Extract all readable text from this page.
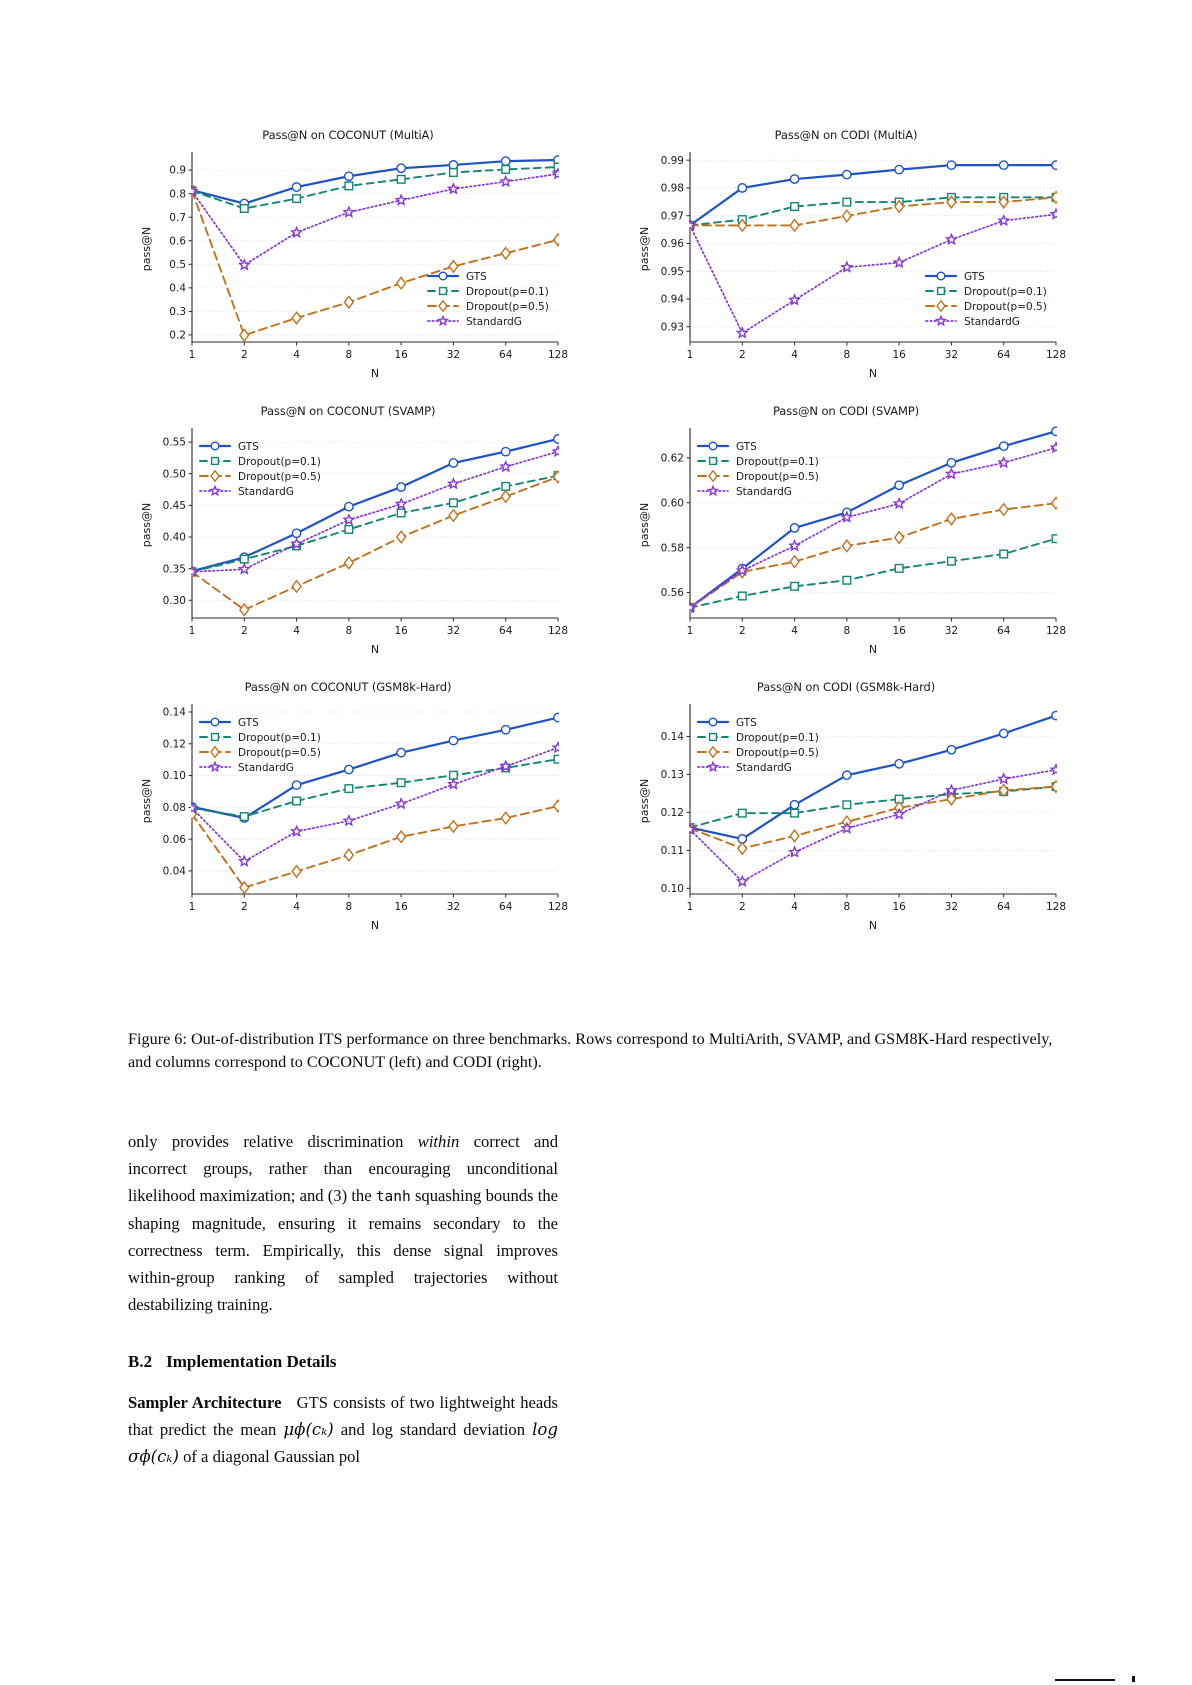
Pass@N on COCONUT (MultiA)
0.2
0.3
0.4
0.5
0.6
0.7
0.8
0.9
1	2	4	8	16	32	64	128
N
pass@N
GTS
Dropout(p=0.1)
Dropout(p=0.5)
StandardG
Pass@N on CODI (MultiA)
0.93
0.94
0.95
0.96
0.97
0.98
0.99
1	2	4	8	16	32	64	128
N
pass@N
GTS
Dropout(p=0.1)
Dropout(p=0.5)
StandardG
Pass@N on COCONUT (SVAMP)
0.30
0.35
0.40
0.45
0.50
0.55
1	2	4	8	16	32	64	128
N
pass@N
GTS
Dropout(p=0.1)
Dropout(p=0.5)
StandardG
Pass@N on CODI (SVAMP)
0.56
0.58
0.60
0.62
1	2	4	8	16	32	64	128
N
pass@N
GTS
Dropout(p=0.1)
Dropout(p=0.5)
StandardG
Pass@N on COCONUT (GSM8k-Hard)
0.04
0.06
0.08
0.10
0.12
0.14
1	2	4	8	16	32	64	128
N
pass@N
GTS
Dropout(p=0.1)
Dropout(p=0.5)
StandardG
Pass@N on CODI (GSM8k-Hard)
0.10
0.11
0.12
0.13
0.14
1	2	4	8	16	32	64	128
N
pass@N
GTS
Dropout(p=0.1)
Dropout(p=0.5)
StandardG
Figure 6: Out-of-distribution ITS performance on three benchmarks. Rows correspond to MultiArith, SVAMP, and GSM8K-Hard respectively, and columns correspond to COCONUT (left) and CODI (right).

only provides relative discrimination within correct and incorrect groups, rather than encouraging unconditional likelihood maximization; and (3) the tanh squashing bounds the shaping magnitude, ensuring it remains secondary to the correctness term. Empirically, this dense signal improves within-group ranking of sampled trajectories without destabilizing training.

B.2 Implementation Details

Sampler Architecture GTS consists of two lightweight heads that predict the mean μϕ(cₖ) and log standard deviation log σϕ(cₖ) of a diagonal Gaussian pol
